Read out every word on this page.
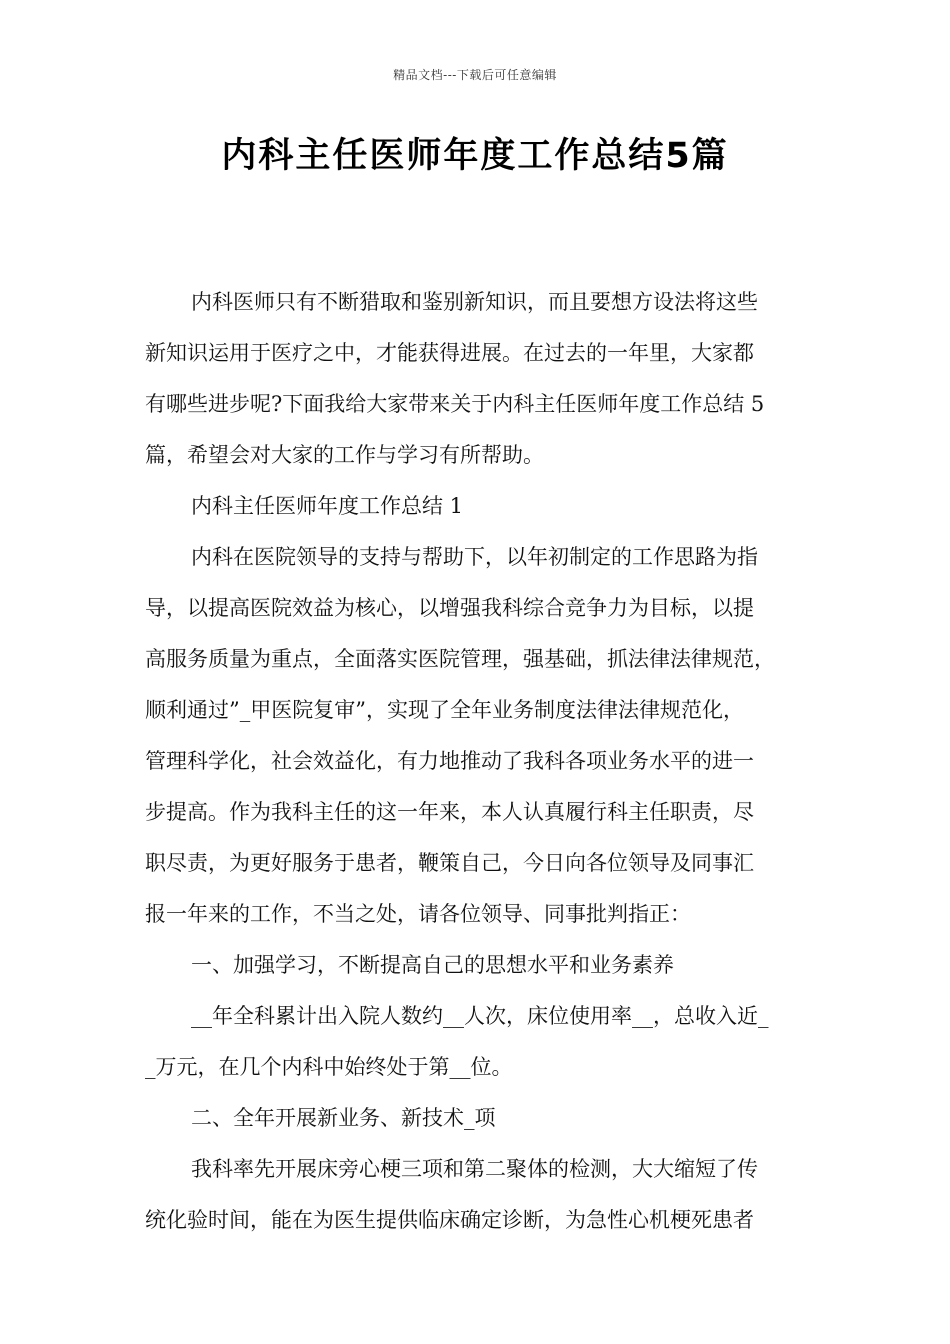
精品文档---下载后可任意编辑
内科主任医师年度工作总结5篇
内科医师只有不断猎取和鉴别新知识，而且要想方设法将这些
新知识运用于医疗之中，才能获得进展。在过去的一年里，大家都
有哪些进步呢?下面我给大家带来关于内科主任医师年度工作总结 5
篇，希望会对大家的工作与学习有所帮助。
内科主任医师年度工作总结 1
内科在医院领导的支持与帮助下，以年初制定的工作思路为指
导，以提高医院效益为核心，以增强我科综合竞争力为目标，以提
高服务质量为重点，全面落实医院管理，强基础，抓法律法律规范，
顺利通过”_甲医院复审”，实现了全年业务制度法律法律规范化，
管理科学化，社会效益化，有力地推动了我科各项业务水平的进一
步提高。作为我科主任的这一年来，本人认真履行科主任职责，尽
职尽责，为更好服务于患者，鞭策自己，今日向各位领导及同事汇
报一年来的工作，不当之处，请各位领导、同事批判指正：
一、加强学习，不断提高自己的思想水平和业务素养
__年全科累计出入院人数约__人次，床位使用率__，总收入近_
_万元，在几个内科中始终处于第__位。
二、全年开展新业务、新技术_项
我科率先开展床旁心梗三项和第二聚体的检测，大大缩短了传
统化验时间，能在为医生提供临床确定诊断，为急性心机梗死患者
